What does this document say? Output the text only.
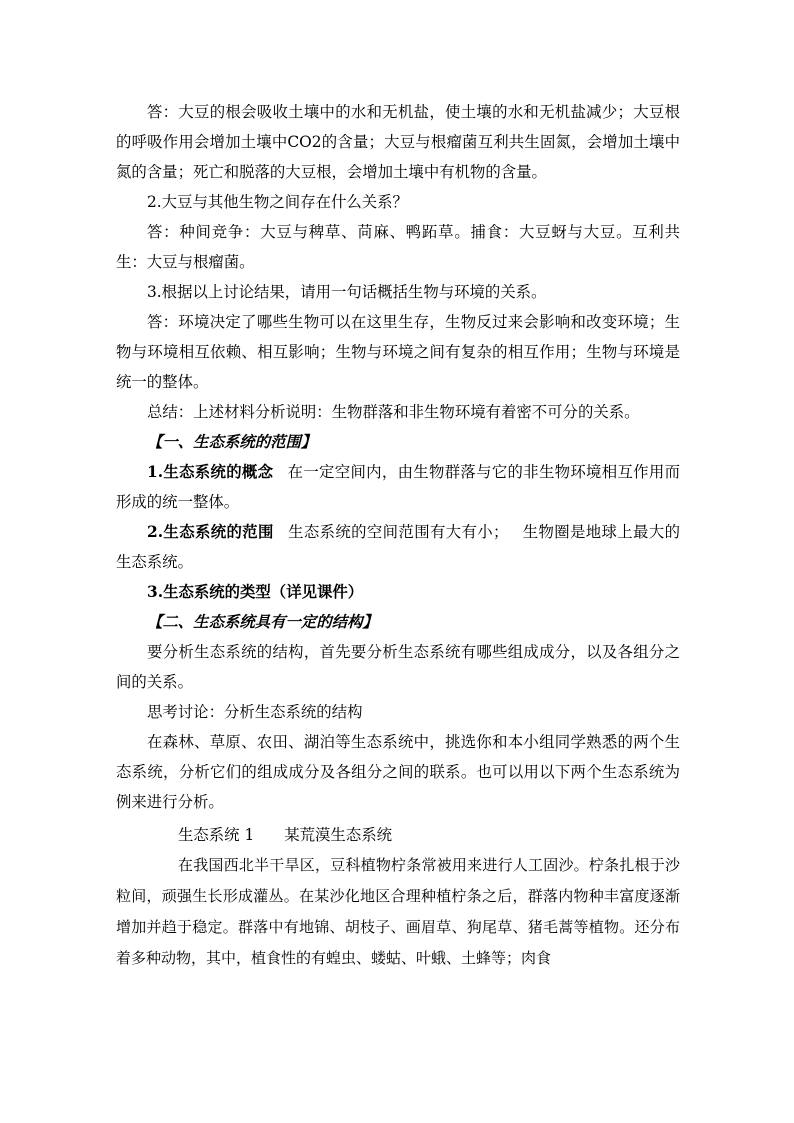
答：大豆的根会吸收土壤中的水和无机盐，使土壤的水和无机盐减少；大豆根的呼吸作用会增加土壤中CO2的含量；大豆与根瘤菌互利共生固氮，会增加土壤中氮的含量；死亡和脱落的大豆根，会增加土壤中有机物的含量。

2.大豆与其他生物之间存在什么关系？

答：种间竞争：大豆与稗草、苘麻、鸭跖草。捕食：大豆蚜与大豆。互利共生：大豆与根瘤菌。

3.根据以上讨论结果，请用一句话概括生物与环境的关系。

答：环境决定了哪些生物可以在这里生存，生物反过来会影响和改变环境；生物与环境相互依赖、相互影响；生物与环境之间有复杂的相互作用；生物与环境是统一的整体。

总结：上述材料分析说明：生物群落和非生物环境有着密不可分的关系。

【一、生态系统的范围】

1.生态系统的概念 在一定空间内，由生物群落与它的非生物环境相互作用而形成的统一整体。

2.生态系统的范围 生态系统的空间范围有大有小； 生物圈是地球上最大的生态系统。

3.生态系统的类型（详见课件）

【二、生态系统具有一定的结构】

要分析生态系统的结构，首先要分析生态系统有哪些组成成分，以及各组分之间的关系。

思考讨论：分析生态系统的结构

在森林、草原、农田、湖泊等生态系统中，挑选你和本小组同学熟悉的两个生态系统，分析它们的组成成分及各组分之间的联系。也可以用以下两个生态系统为例来进行分析。

生态系统 1 某荒漠生态系统

在我国西北半干旱区，豆科植物柠条常被用来进行人工固沙。柠条扎根于沙粒间，顽强生长形成灌丛。在某沙化地区合理种植柠条之后，群落内物种丰富度逐渐增加并趋于稳定。群落中有地锦、胡枝子、画眉草、狗尾草、猪毛蒿等植物。还分布着多种动物，其中，植食性的有蝗虫、蝼蛄、叶蛾、土蜂等；肉食
